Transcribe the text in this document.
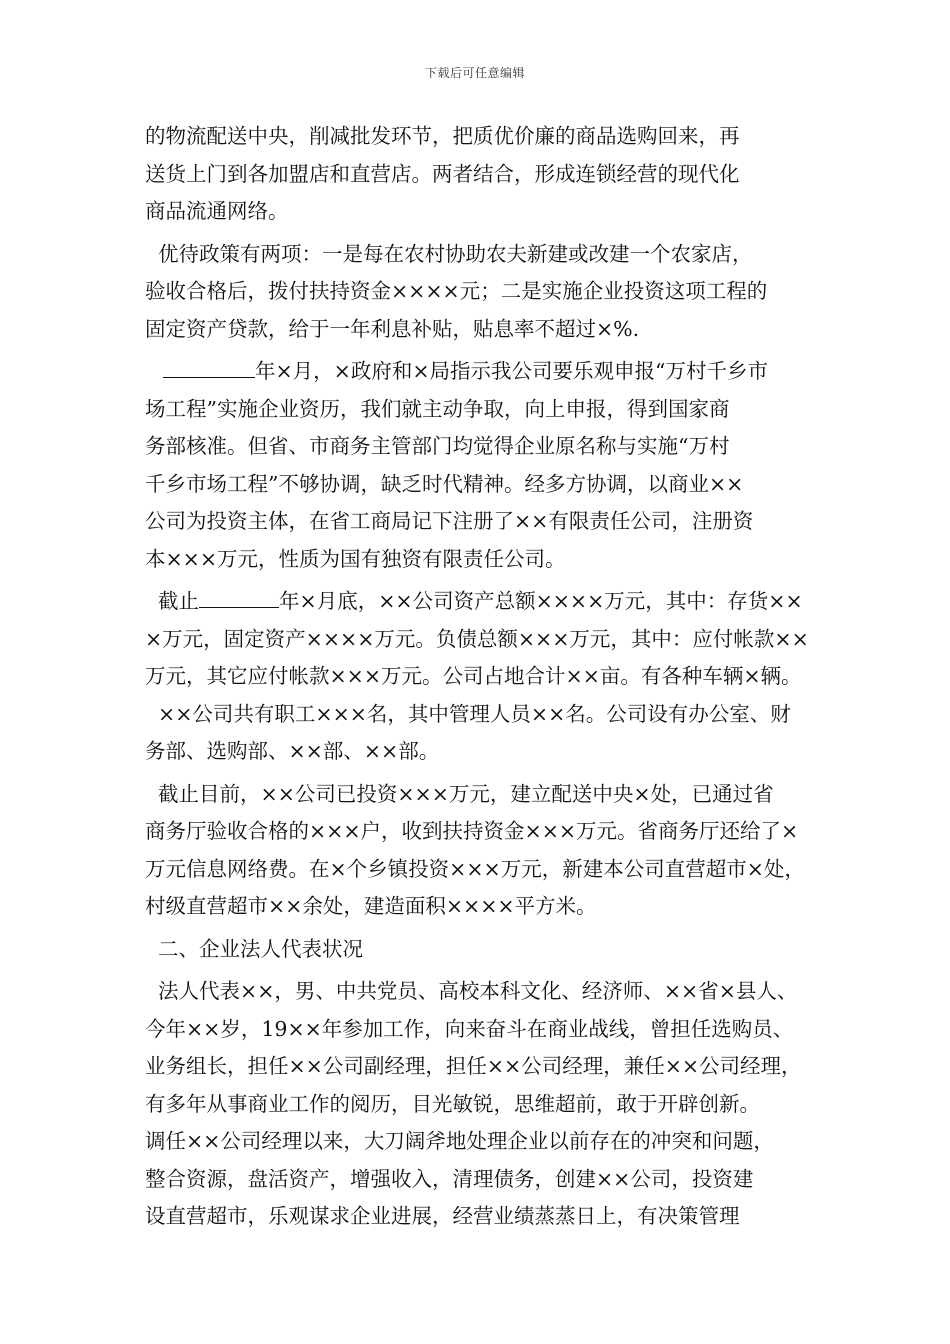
下载后可任意编辑
的物流配送中央，削减批发环节，把质优价廉的商品选购回来，再
送货上门到各加盟店和直营店。两者结合，形成连锁经营的现代化
商品流通网络。
优待政策有两项：一是每在农村协助农夫新建或改建一个农家店，
验收合格后，拨付扶持资金××××元；二是实施企业投资这项工程的
固定资产贷款，给于一年利息补贴，贴息率不超过×%.
年×月，×政府和×局指示我公司要乐观申报“万村千乡市
场工程”实施企业资历，我们就主动争取，向上申报，得到国家商
务部核准。但省、市商务主管部门均觉得企业原名称与实施“万村
千乡市场工程”不够协调，缺乏时代精神。经多方协调，以商业××
公司为投资主体，在省工商局记下注册了××有限责任公司，注册资
本×××万元，性质为国有独资有限责任公司。
截止	年×月底，××公司资产总额××××万元，其中：存货××
×万元，固定资产××××万元。负债总额×××万元，其中：应付帐款××
万元，其它应付帐款×××万元。公司占地合计××亩。有各种车辆×辆。
××公司共有职工×××名，其中管理人员××名。公司设有办公室、财
务部、选购部、××部、××部。
截止目前，××公司已投资×××万元，建立配送中央×处，已通过省
商务厅验收合格的×××户，收到扶持资金×××万元。省商务厅还给了×
万元信息网络费。在×个乡镇投资×××万元，新建本公司直营超市×处，
村级直营超市××余处，建造面积××××平方米。
二、企业法人代表状况
法人代表××，男、中共党员、高校本科文化、经济师、××省×县人、
今年××岁，19××年参加工作，向来奋斗在商业战线，曾担任选购员、
业务组长，担任××公司副经理，担任××公司经理，兼任××公司经理，
有多年从事商业工作的阅历，目光敏锐，思维超前，敢于开辟创新。
调任××公司经理以来，大刀阔斧地处理企业以前存在的冲突和问题，
整合资源，盘活资产，增强收入，清理债务，创建××公司，投资建
设直营超市，乐观谋求企业进展，经营业绩蒸蒸日上，有决策管理
